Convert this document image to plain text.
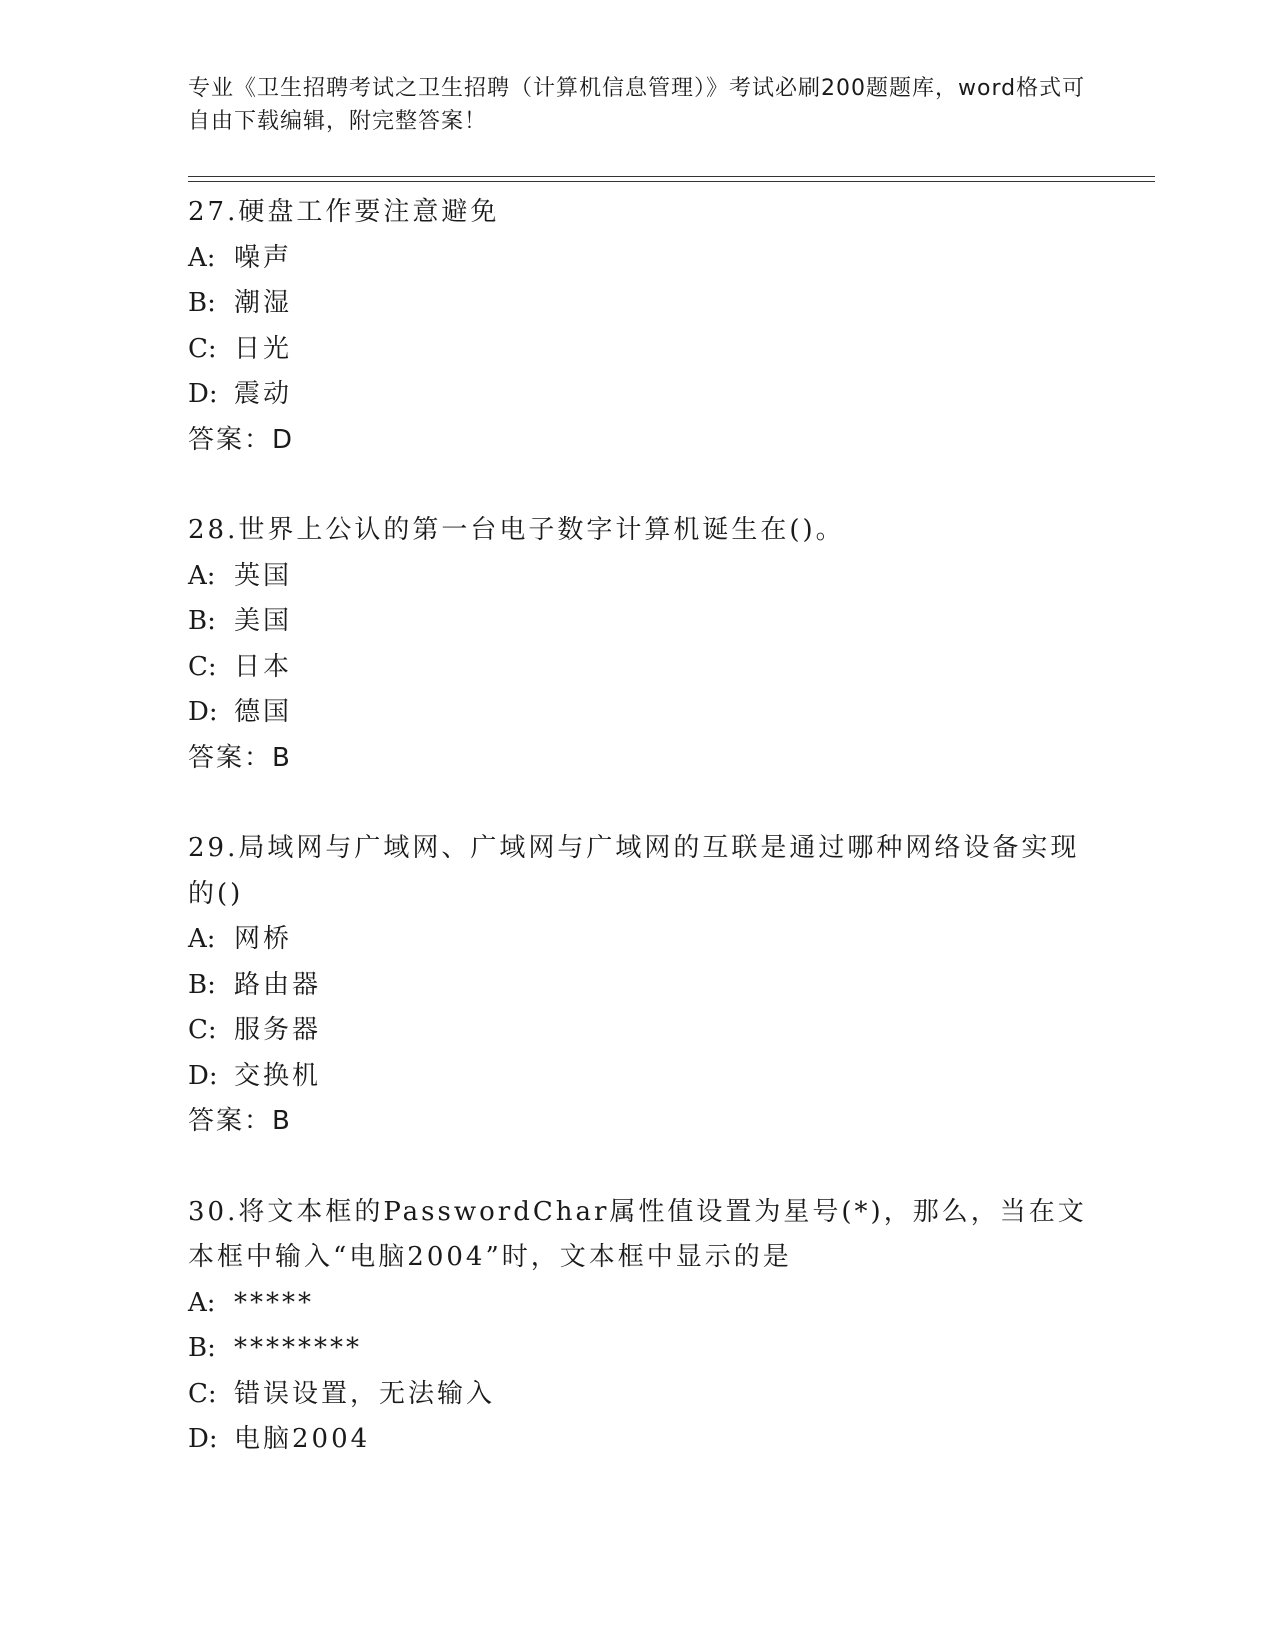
专业《卫生招聘考试之卫生招聘（计算机信息管理）》考试必刷200题题库，word格式可自由下载编辑，附完整答案！

27.硬盘工作要注意避免

A: 噪声

B: 潮湿

C: 日光

D: 震动

答案：D

28.世界上公认的第一台电子数字计算机诞生在()。

A: 英国

B: 美国

C: 日本

D: 德国

答案：B

29.局域网与广域网、广域网与广域网的互联是通过哪种网络设备实现的()

A: 网桥

B: 路由器

C: 服务器

D: 交换机

答案：B

30.将文本框的PasswordChar属性值设置为星号(*)，那么，当在文本框中输入“电脑2004”时，文本框中显示的是

A: *****

B: ********

C: 错误设置，无法输入

D: 电脑2004
